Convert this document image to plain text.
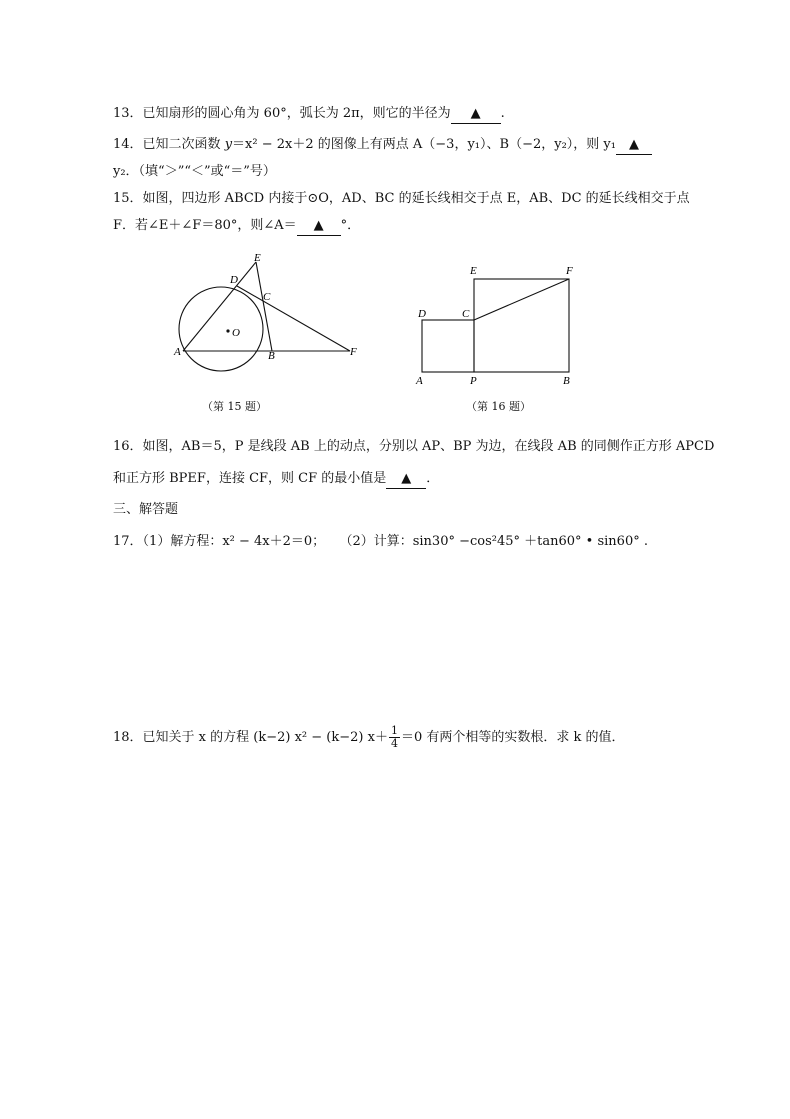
13．已知扇形的圆心角为 60°，弧长为 2π，则它的半径为 ▲ .
14．已知二次函数 y＝x² − 2x＋2 的图像上有两点 A（−3，y₁）、B（−2，y₂），则 y₁ ▲
y₂．（填“＞”“＜”或“＝”号）
15．如图，四边形 ABCD 内接于⊙O，AD、BC 的延长线相交于点 E，AB、DC 的延长线相交于点
F．若∠E＋∠F＝80°，则∠A＝ ▲ °．
E
D
C
O
A	B	F
（第 15 题）
E	F
D	C
A	P	B
（第 16 题）
16．如图，AB＝5，P 是线段 AB 上的动点，分别以 AP、BP 为边，在线段 AB 的同侧作正方形 APCD
和正方形 BPEF，连接 CF，则 CF 的最小值是 ▲ ．
三、解答题
17．（1）解方程：x² − 4x＋2＝0； （2）计算：sin30° −cos²45° ＋tan60° • sin60° .
18．已知关于 x 的方程 (k−2) x² − (k−2) $x+ \frac{1}{4} =0$ 有两个相等的实数根．求 k 的值．
